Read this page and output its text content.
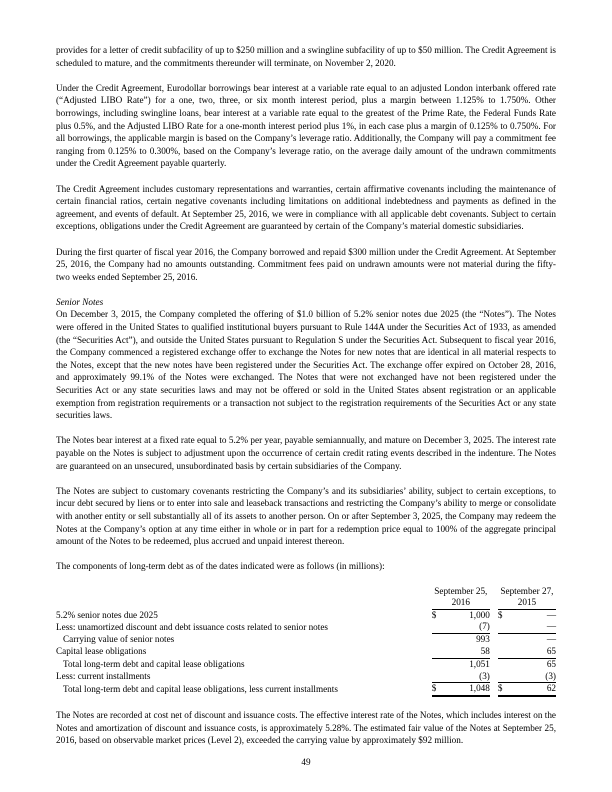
provides for a letter of credit subfacility of up to $250 million and a swingline subfacility of up to $50 million. The Credit Agreement is scheduled to mature, and the commitments thereunder will terminate, on November 2, 2020.

Under the Credit Agreement, Eurodollar borrowings bear interest at a variable rate equal to an adjusted London interbank offered rate (“Adjusted LIBO Rate”) for a one, two, three, or six month interest period, plus a margin between 1.125% to 1.750%. Other borrowings, including swingline loans, bear interest at a variable rate equal to the greatest of the Prime Rate, the Federal Funds Rate plus 0.5%, and the Adjusted LIBO Rate for a one-month interest period plus 1%, in each case plus a margin of 0.125% to 0.750%. For all borrowings, the applicable margin is based on the Company’s leverage ratio. Additionally, the Company will pay a commitment fee ranging from 0.125% to 0.300%, based on the Company’s leverage ratio, on the average daily amount of the undrawn commitments under the Credit Agreement payable quarterly.

The Credit Agreement includes customary representations and warranties, certain affirmative covenants including the maintenance of certain financial ratios, certain negative covenants including limitations on additional indebtedness and payments as defined in the agreement, and events of default. At September 25, 2016, we were in compliance with all applicable debt covenants. Subject to certain exceptions, obligations under the Credit Agreement are guaranteed by certain of the Company’s material domestic subsidiaries.

During the first quarter of fiscal year 2016, the Company borrowed and repaid $300 million under the Credit Agreement. At September 25, 2016, the Company had no amounts outstanding. Commitment fees paid on undrawn amounts were not material during the fifty-two weeks ended September 25, 2016.

Senior Notes

On December 3, 2015, the Company completed the offering of $1.0 billion of 5.2% senior notes due 2025 (the “Notes”). The Notes were offered in the United States to qualified institutional buyers pursuant to Rule 144A under the Securities Act of 1933, as amended (the “Securities Act”), and outside the United States pursuant to Regulation S under the Securities Act. Subsequent to fiscal year 2016, the Company commenced a registered exchange offer to exchange the Notes for new notes that are identical in all material respects to the Notes, except that the new notes have been registered under the Securities Act. The exchange offer expired on October 28, 2016, and approximately 99.1% of the Notes were exchanged. The Notes that were not exchanged have not been registered under the Securities Act or any state securities laws and may not be offered or sold in the United States absent registration or an applicable exemption from registration requirements or a transaction not subject to the registration requirements of the Securities Act or any state securities laws.

The Notes bear interest at a fixed rate equal to 5.2% per year, payable semiannually, and mature on December 3, 2025. The interest rate payable on the Notes is subject to adjustment upon the occurrence of certain credit rating events described in the indenture. The Notes are guaranteed on an unsecured, unsubordinated basis by certain subsidiaries of the Company.

The Notes are subject to customary covenants restricting the Company’s and its subsidiaries’ ability, subject to certain exceptions, to incur debt secured by liens or to enter into sale and leaseback transactions and restricting the Company’s ability to merge or consolidate with another entity or sell substantially all of its assets to another person. On or after September 3, 2025, the Company may redeem the Notes at the Company’s option at any time either in whole or in part for a redemption price equal to 100% of the aggregate principal amount of the Notes to be redeemed, plus accrued and unpaid interest thereon.

The components of long-term debt as of the dates indicated were as follows (in millions):

	September 25,
2016			September 27,
2015	
5.2% senior notes due 2025	$	1,000		$	—
Less: unamortized discount and debt issuance costs related to senior notes		(7)			—
Carrying value of senior notes		993			—
Capital lease obligations		58			65
Total long-term debt and capital lease obligations		1,051			65
Less: current installments		(3)			(3)
Total long-term debt and capital lease obligations, less current installments	$	1,048		$	62

The Notes are recorded at cost net of discount and issuance costs. The effective interest rate of the Notes, which includes interest on the Notes and amortization of discount and issuance costs, is approximately 5.28%. The estimated fair value of the Notes at September 25, 2016, based on observable market prices (Level 2), exceeded the carrying value by approximately $92 million.

49
